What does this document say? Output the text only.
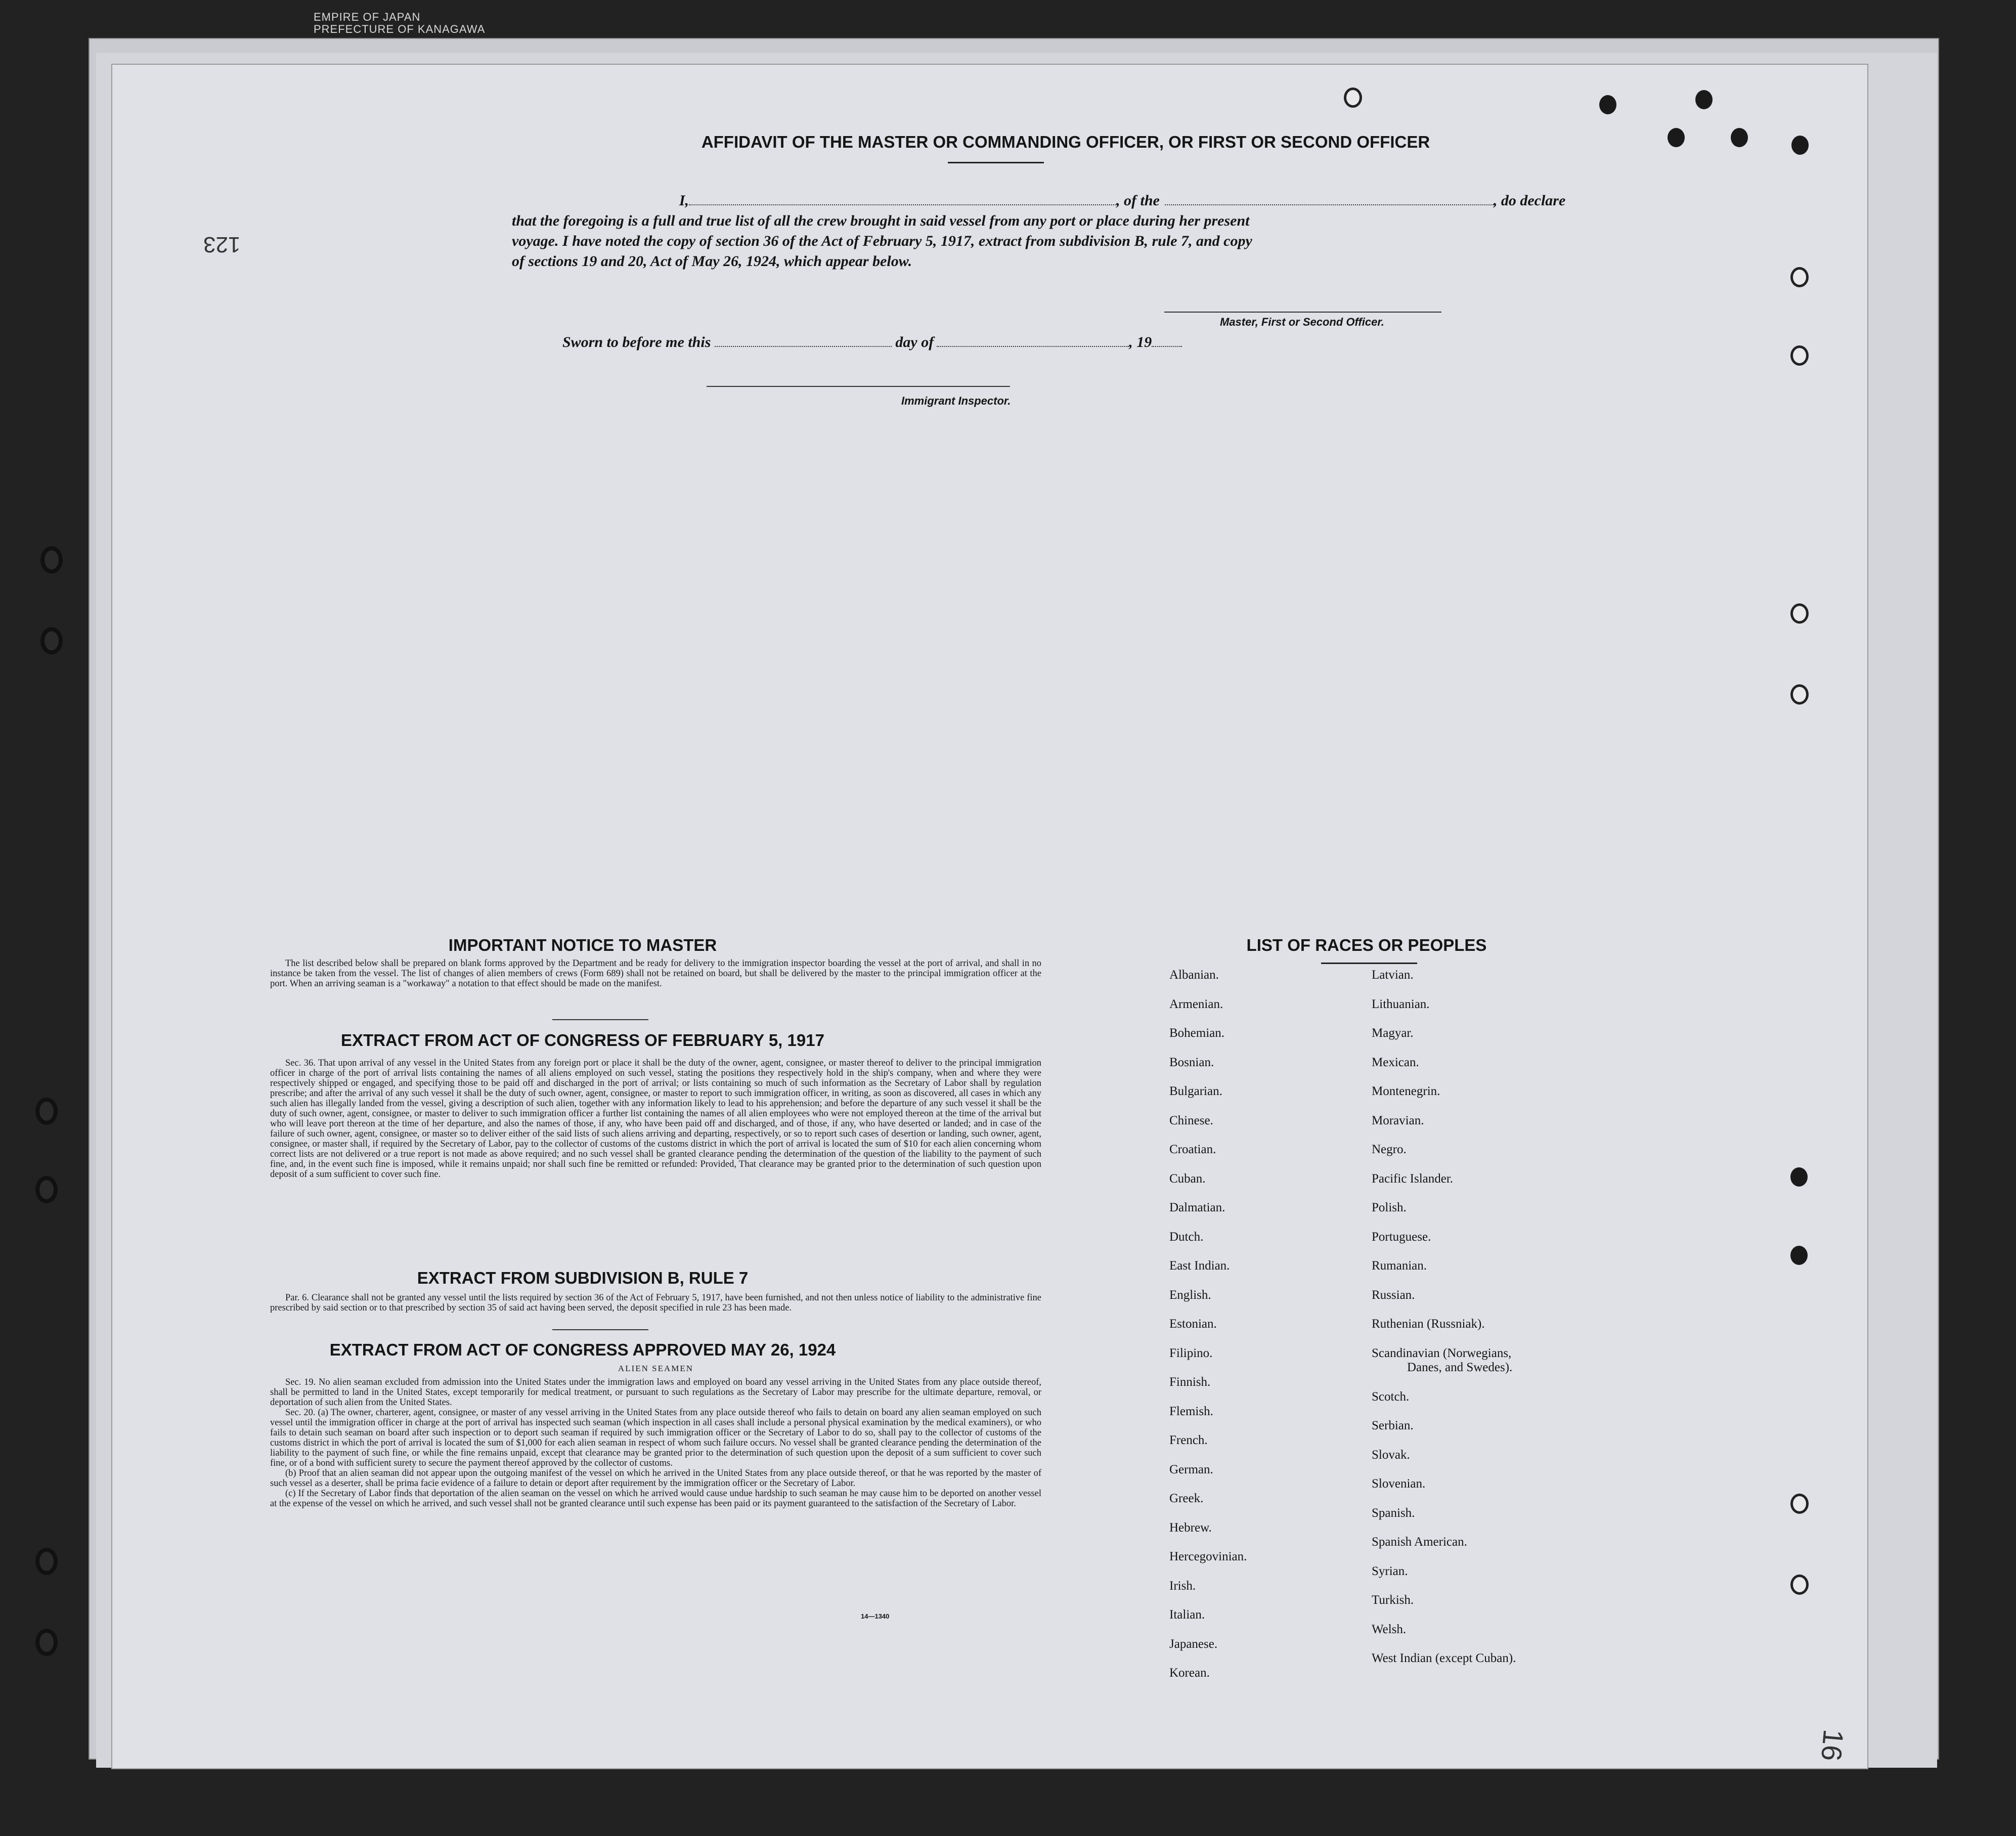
EMPIRE OF JAPAN
PREFECTURE OF KANAGAWA
123
AFFIDAVIT OF THE MASTER OR COMMANDING OFFICER, OR FIRST OR SECOND OFFICER
I,	, of the	, do declare
that the foregoing is a full and true list of all the crew brought in said vessel from any port or place during her present
voyage. I have noted the copy of section 36 of the Act of February 5, 1917, extract from subdivision B, rule 7, and copy
of sections 19 and 20, Act of May 26, 1924, which appear below.
Master, First or Second Officer.
Sworn to before me this	day of	, 19
Immigrant Inspector.
IMPORTANT NOTICE TO MASTER

The list described below shall be prepared on blank forms approved by the Department and be ready for delivery to the immigration inspector boarding the vessel at the port of arrival, and shall in no instance be taken from the vessel. The list of changes of alien members of crews (Form 689) shall not be retained on board, but shall be delivered by the master to the principal immigration officer at the port. When an arriving seaman is a "workaway" a notation to that effect should be made on the manifest.

EXTRACT FROM ACT OF CONGRESS OF FEBRUARY 5, 1917

Sec. 36. That upon arrival of any vessel in the United States from any foreign port or place it shall be the duty of the owner, agent, consignee, or master thereof to deliver to the principal immigration officer in charge of the port of arrival lists containing the names of all aliens employed on such vessel, stating the positions they respectively hold in the ship's company, when and where they were respectively shipped or engaged, and specifying those to be paid off and discharged in the port of arrival; or lists containing so much of such information as the Secretary of Labor shall by regulation prescribe; and after the arrival of any such vessel it shall be the duty of such owner, agent, consignee, or master to report to such immigration officer, in writing, as soon as discovered, all cases in which any such alien has illegally landed from the vessel, giving a description of such alien, together with any information likely to lead to his apprehension; and before the departure of any such vessel it shall be the duty of such owner, agent, consignee, or master to deliver to such immigration officer a further list containing the names of all alien employees who were not employed thereon at the time of the arrival but who will leave port thereon at the time of her departure, and also the names of those, if any, who have been paid off and discharged, and of those, if any, who have deserted or landed; and in case of the failure of such owner, agent, consignee, or master so to deliver either of the said lists of such aliens arriving and departing, respectively, or so to report such cases of desertion or landing, such owner, agent, consignee, or master shall, if required by the Secretary of Labor, pay to the collector of customs of the customs district in which the port of arrival is located the sum of $10 for each alien concerning whom correct lists are not delivered or a true report is not made as above required; and no such vessel shall be granted clearance pending the determination of the question of the liability to the payment of such fine, and, in the event such fine is imposed, while it remains unpaid; nor shall such fine be remitted or refunded: Provided, That clearance may be granted prior to the determination of such question upon deposit of a sum sufficient to cover such fine.

EXTRACT FROM SUBDIVISION B, RULE 7

Par. 6. Clearance shall not be granted any vessel until the lists required by section 36 of the Act of February 5, 1917, have been furnished, and not then unless notice of liability to the administrative fine prescribed by said section or to that prescribed by section 35 of said act having been served, the deposit specified in rule 23 has been made.

EXTRACT FROM ACT OF CONGRESS APPROVED MAY 26, 1924
ALIEN SEAMEN

Sec. 19. No alien seaman excluded from admission into the United States under the immigration laws and employed on board any vessel arriving in the United States from any place outside thereof, shall be permitted to land in the United States, except temporarily for medical treatment, or pursuant to such regulations as the Secretary of Labor may prescribe for the ultimate departure, removal, or deportation of such alien from the United States.

Sec. 20. (a) The owner, charterer, agent, consignee, or master of any vessel arriving in the United States from any place outside thereof who fails to detain on board any alien seaman employed on such vessel until the immigration officer in charge at the port of arrival has inspected such seaman (which inspection in all cases shall include a personal physical examination by the medical examiners), or who fails to detain such seaman on board after such inspection or to deport such seaman if required by such immigration officer or the Secretary of Labor to do so, shall pay to the collector of customs of the customs district in which the port of arrival is located the sum of $1,000 for each alien seaman in respect of whom such failure occurs. No vessel shall be granted clearance pending the determination of the liability to the payment of such fine, or while the fine remains unpaid, except that clearance may be granted prior to the determination of such question upon the deposit of a sum sufficient to cover such fine, or of a bond with sufficient surety to secure the payment thereof approved by the collector of customs.

(b) Proof that an alien seaman did not appear upon the outgoing manifest of the vessel on which he arrived in the United States from any place outside thereof, or that he was reported by the master of such vessel as a deserter, shall be prima facie evidence of a failure to detain or deport after requirement by the immigration officer or the Secretary of Labor.

(c) If the Secretary of Labor finds that deportation of the alien seaman on the vessel on which he arrived would cause undue hardship to such seaman he may cause him to be deported on another vessel at the expense of the vessel on which he arrived, and such vessel shall not be granted clearance until such expense has been paid or its payment guaranteed to the satisfaction of the Secretary of Labor.

14—1340
LIST OF RACES OR PEOPLES
16
Albanian.
Armenian.
Bohemian.
Bosnian.
Bulgarian.
Chinese.
Croatian.
Cuban.
Dalmatian.
Dutch.
East Indian.
English.
Estonian.
Filipino.
Finnish.
Flemish.
French.
German.
Greek.
Hebrew.
Hercegovinian.
Irish.
Italian.
Japanese.
Korean.
Latvian.
Lithuanian.
Magyar.
Mexican.
Montenegrin.
Moravian.
Negro.
Pacific Islander.
Polish.
Portuguese.
Rumanian.
Russian.
Ruthenian (Russniak).
Scandinavian (Norwegians,
Danes, and Swedes).
Scotch.
Serbian.
Slovak.
Slovenian.
Spanish.
Spanish American.
Syrian.
Turkish.
Welsh.
West Indian (except Cuban).
